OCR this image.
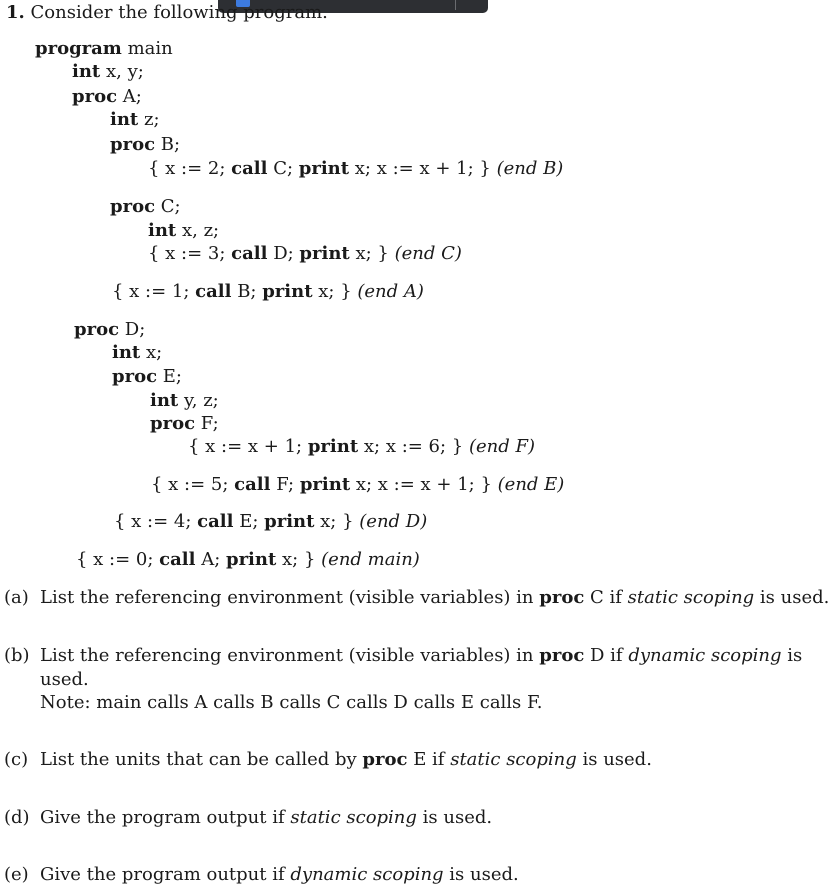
1. Consider the following program.
program main
int x, y;
proc A;
int z;
proc B;
{ x := 2; call C; print x; x := x + 1; } (end B)
proc C;
int x, z;
{ x := 3; call D; print x; } (end C)
{ x := 1; call B; print x; } (end A)
proc D;
int x;
proc E;
int y, z;
proc F;
{ x := x + 1; print x; x := 6; } (end F)
{ x := 5; call F; print x; x := x + 1; } (end E)
{ x := 4; call E; print x; } (end D)
{ x := 0; call A; print x; } (end main)
(a) List the referencing environment (visible variables) in proc C if static scoping is used.
(b) List the referencing environment (visible variables) in proc D if dynamic scoping is
used.
Note: main calls A calls B calls C calls D calls E calls F.
(c) List the units that can be called by proc E if static scoping is used.
(d) Give the program output if static scoping is used.
(e) Give the program output if dynamic scoping is used.
